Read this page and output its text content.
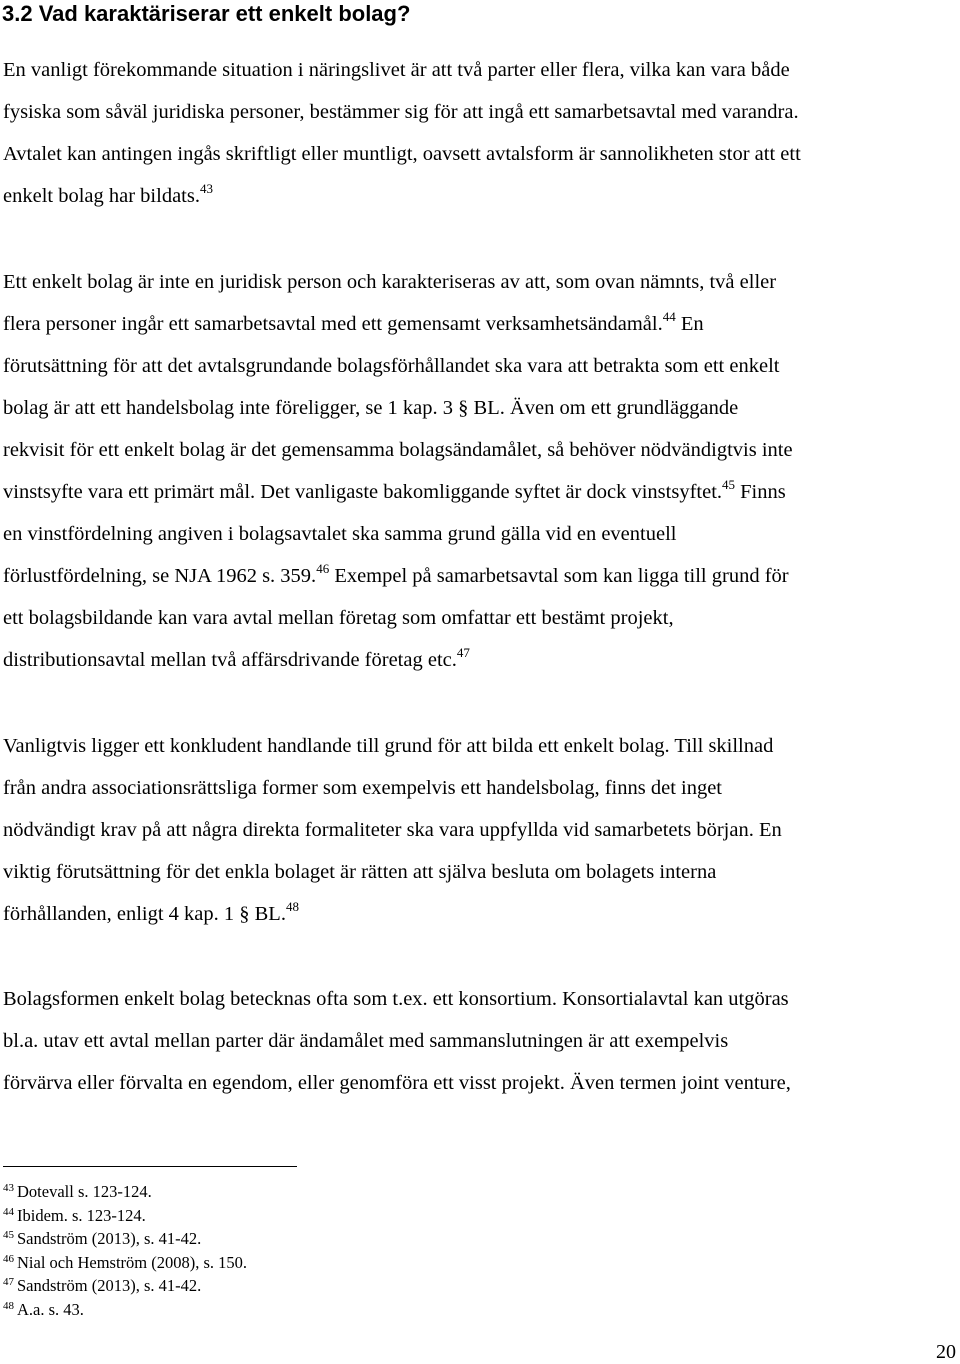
3.2 Vad karaktäriserar ett enkelt bolag?

En vanligt förekommande situation i näringslivet är att två parter eller flera, vilka kan vara både
fysiska som såväl juridiska personer, bestämmer sig för att ingå ett samarbetsavtal med varandra.
Avtalet kan antingen ingås skriftligt eller muntligt, oavsett avtalsform är sannolikheten stor att ett
enkelt bolag har bildats.$^{43}$

Ett enkelt bolag är inte en juridisk person och karakteriseras av att, som ovan nämnts, två eller
flera personer ingår ett samarbetsavtal med ett gemensamt verksamhetsändamål.$^{44}$ En
förutsättning för att det avtalsgrundande bolagsförhållandet ska vara att betrakta som ett enkelt
bolag är att ett handelsbolag inte föreligger, se 1 kap. 3 § BL. Även om ett grundläggande
rekvisit för ett enkelt bolag är det gemensamma bolagsändamålet, så behöver nödvändigtvis inte
vinstsyfte vara ett primärt mål. Det vanligaste bakomliggande syftet är dock vinstsyftet.$^{45}$ Finns
en vinstfördelning angiven i bolagsavtalet ska samma grund gälla vid en eventuell
förlustfördelning, se NJA 1962 s. 359.46 Exempel på samarbetsavtal som kan ligga till grund för
ett bolagsbildande kan vara avtal mellan företag som omfattar ett bestämt projekt,
distributionsavtal mellan två affärsdrivande företag etc.$^{47}$

Vanligtvis ligger ett konkludent handlande till grund för att bilda ett enkelt bolag. Till skillnad
från andra associationsrättsliga former som exempelvis ett handelsbolag, finns det inget
nödvändigt krav på att några direkta formaliteter ska vara uppfyllda vid samarbetets början. En
viktig förutsättning för det enkla bolaget är rätten att själva besluta om bolagets interna
förhållanden, enligt 4 kap. 1 § BL.$^{48}$

Bolagsformen enkelt bolag betecknas ofta som t.ex. ett konsortium. Konsortialavtal kan utgöras
bl.a. utav ett avtal mellan parter där ändamålet med sammanslutningen är att exempelvis
förvärva eller förvalta en egendom, eller genomföra ett visst projekt. Även termen joint venture,

$^{43}$ Dotevall s. 123-124.
$^{44}$ Ibidem. s. 123-124.
$^{45}$ Sandström (2013), s. 41-42.
$^{46}$ Nial och Hemström (2008), s. 150.
$^{47}$ Sandström (2013), s. 41-42.
$^{48}$ A.a. s. 43.
20
